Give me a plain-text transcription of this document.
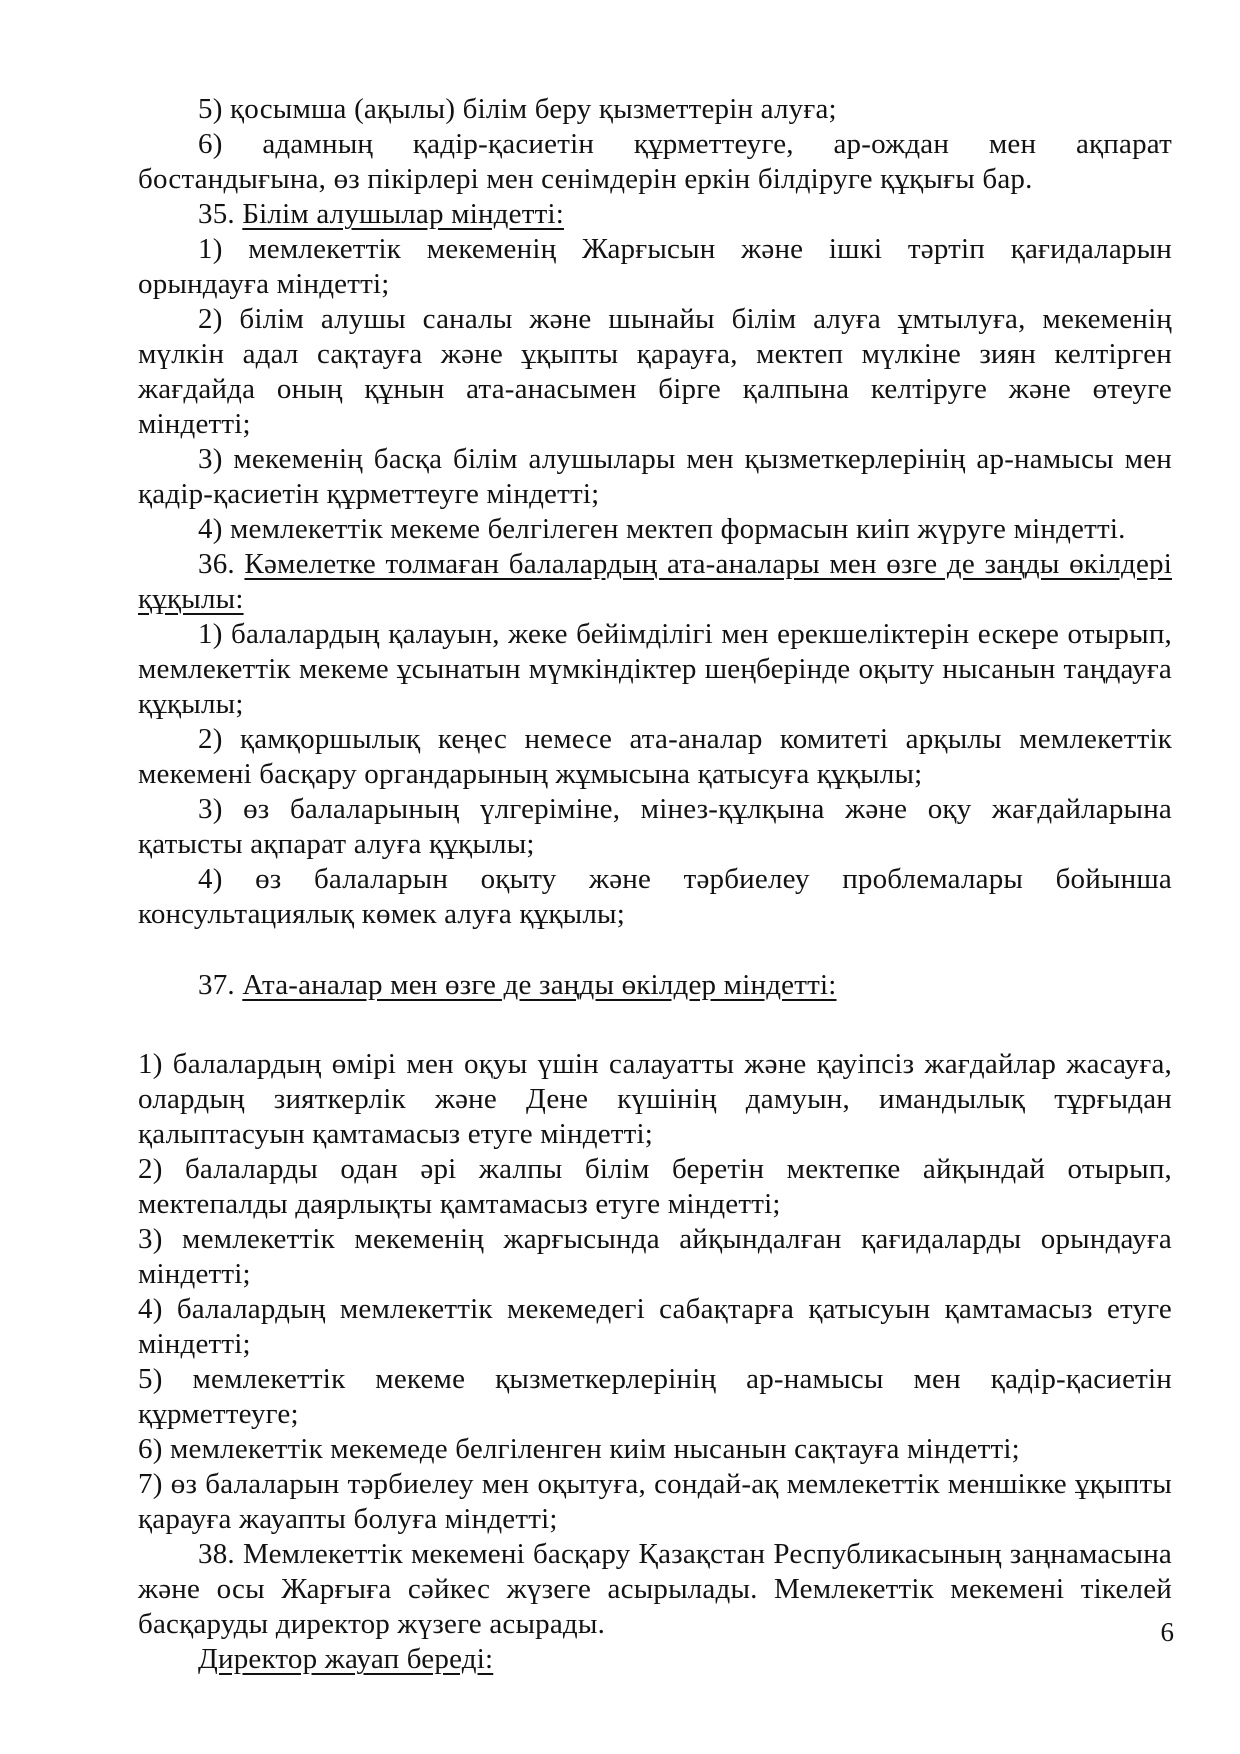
5) қосымша (ақылы) білім беру қызметтерін алуға;

6) адамның қадір-қасиетін құрметтеуге, ар-ождан мен ақпарат бостандығына, өз пікірлері мен сенімдерін еркін білдіруге құқығы бар.

35. Білім алушылар міндетті:

1) мемлекеттік мекеменің Жарғысын және ішкі тәртіп қағидаларын орындауға міндетті;

2) білім алушы саналы және шынайы білім алуға ұмтылуға, мекеменің мүлкін адал сақтауға және ұқыпты қарауға, мектеп мүлкіне зиян келтірген жағдайда оның құнын ата-анасымен бірге қалпына келтіруге және өтеуге міндетті;

3) мекеменің басқа білім алушылары мен қызметкерлерінің ар-намысы мен қадір-қасиетін құрметтеуге міндетті;

4) мемлекеттік мекеме белгілеген мектеп формасын киіп жүруге міндетті.

36. Кәмелетке толмаған балалардың ата-аналары мен өзге де заңды өкілдері құқылы:

1) балалардың қалауын, жеке бейімділігі мен ерекшеліктерін ескере отырып, мемлекеттік мекеме ұсынатын мүмкіндіктер шеңберінде оқыту нысанын таңдауға құқылы;

2) қамқоршылық кеңес немесе ата-аналар комитеті арқылы мемлекеттік мекемені басқару органдарының жұмысына қатысуға құқылы;

3) өз балаларының үлгеріміне, мінез-құлқына және оқу жағдайларына қатысты ақпарат алуға құқылы;

4) өз балаларын оқыту және тәрбиелеу проблемалары бойынша консультациялық көмек алуға құқылы;

37. Ата-аналар мен өзге де заңды өкілдер міндетті:

1) балалардың өмірі мен оқуы үшін салауатты және қауіпсіз жағдайлар жасауға, олардың зияткерлік және Дене күшінің дамуын, имандылық тұрғыдан қалыптасуын қамтамасыз етуге міндетті;

2) балаларды одан әрі жалпы білім беретін мектепке айқындай отырып, мектепалды даярлықты қамтамасыз етуге міндетті;

3) мемлекеттік мекеменің жарғысында айқындалған қағидаларды орындауға міндетті;

4) балалардың мемлекеттік мекемедегі сабақтарға қатысуын қамтамасыз етуге міндетті;

5) мемлекеттік мекеме қызметкерлерінің ар-намысы мен қадір-қасиетін құрметтеуге;

6) мемлекеттік мекемеде белгіленген киім нысанын сақтауға міндетті;

7) өз балаларын тәрбиелеу мен оқытуға, сондай-ақ мемлекеттік меншікке ұқыпты қарауға жауапты болуға міндетті;

38. Мемлекеттік мекемені басқару Қазақстан Республикасының заңнамасына және осы Жарғыға сәйкес жүзеге асырылады. Мемлекеттік мекемені тікелей басқаруды директор жүзеге асырады.

Директор жауап береді:

6
